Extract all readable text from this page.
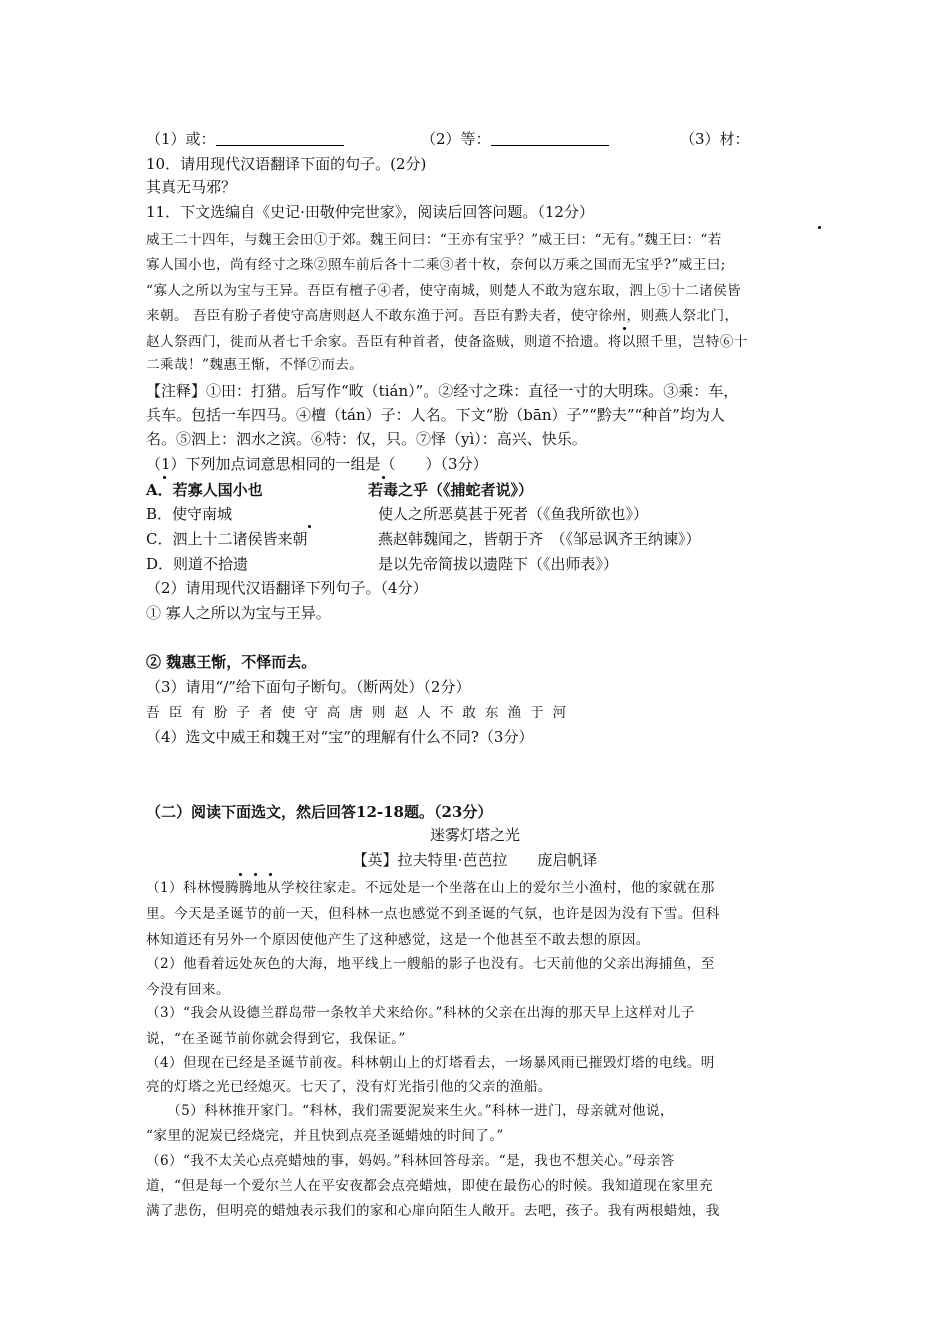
（1）或：	（2）等：	（3）材：
10．请用现代汉语翻译下面的句子。(2分)
其真无马邪？
11．下文选编自《史记·田敬仲完世家》，阅读后回答问题。（12分）
威王二十四年，与魏王会田①于郊。魏王问曰：“王亦有宝乎？”威王曰：“无有。”魏王曰：“若
寡人国小也，尚有经寸之珠②照车前后各十二乘③者十枚，奈何以万乘之国而无宝乎?”威王曰;
“寡人之所以为宝与王异。吾臣有檀子④者，使守南城，则楚人不敢为寇东取，泗上⑤十二诸侯皆
来朝。 吾臣有肦子者使守高唐则赵人不敢东渔于河。吾臣有黔夫者，使守徐州，则燕人祭北门，
赵人祭西门，徙而从者七千余家。吾臣有种首者，使备盗贼，则道不拾遗。将以照千里，岂特⑥十
二乘哉！”魏惠王惭，不怿⑦而去。
【注释】①田：打猎。后写作“畋（tián）”。②经寸之珠：直径一寸的大明珠。③乘：车，
兵车。包括一车四马。④檀（tán）子：人名。下文“肦（bān）子”“黔夫”“种首”均为人
名。⑤泗上：泗水之滨。⑥特：仅，只。⑦怿（yì）：高兴、快乐。
（1）下列加点词意思相同的一组是（　　）（3分）
A．若寡人国小也	若毒之乎（《捕蛇者说》）
B．使守南城	使人之所恶莫甚于死者（《鱼我所欲也》）
C．泗上十二诸侯皆来朝	燕赵韩魏闻之，皆朝于齐　（《邹忌讽齐王纳谏》）
D．则道不拾遗	是以先帝简拔以遗陛下（《出师表》）
（2）请用现代汉语翻译下列句子。（4分）
① 寡人之所以为宝与王异。
② 魏惠王惭，不怿而去。
（3）请用“/”给下面句子断句。（断两处）（2分）
吾臣有肦子者使守高唐则赵人不敢东渔于河
（4）选文中威王和魏王对“宝”的理解有什么不同?（3分）
（二）阅读下面选文，然后回答12-18题。（23分）
迷雾灯塔之光
【英】拉夫特里·芭芭拉　　庞启帆译
（1）科林慢腾腾地从学校往家走。不远处是一个坐落在山上的爱尔兰小渔村，他的家就在那
里。今天是圣诞节的前一天，但科林一点也感觉不到圣诞的气氛，也许是因为没有下雪。但科
林知道还有另外一个原因使他产生了这种感觉，这是一个他甚至不敢去想的原因。
（2）他看着远处灰色的大海，地平线上一艘船的影子也没有。七天前他的父亲出海捕鱼，至
今没有回来。
（3）“我会从设德兰群岛带一条牧羊犬来给你。”科林的父亲在出海的那天早上这样对儿子
说，“在圣诞节前你就会得到它，我保证。”
（4）但现在已经是圣诞节前夜。科林朝山上的灯塔看去，一场暴风雨已摧毁灯塔的电线。明
亮的灯塔之光已经熄灭。七天了，没有灯光指引他的父亲的渔船。
　　（5）科林推开家门。“科林，我们需要泥炭来生火。”科林一进门，母亲就对他说，
“家里的泥炭已经烧完，并且快到点亮圣诞蜡烛的时间了。”
（6）“我不太关心点亮蜡烛的事，妈妈。”科林回答母亲。“是，我也不想关心。”母亲答
道，“但是每一个爱尔兰人在平安夜都会点亮蜡烛，即使在最伤心的时候。我知道现在家里充
满了悲伤，但明亮的蜡烛表示我们的家和心扉向陌生人敞开。去吧，孩子。我有两根蜡烛，我
